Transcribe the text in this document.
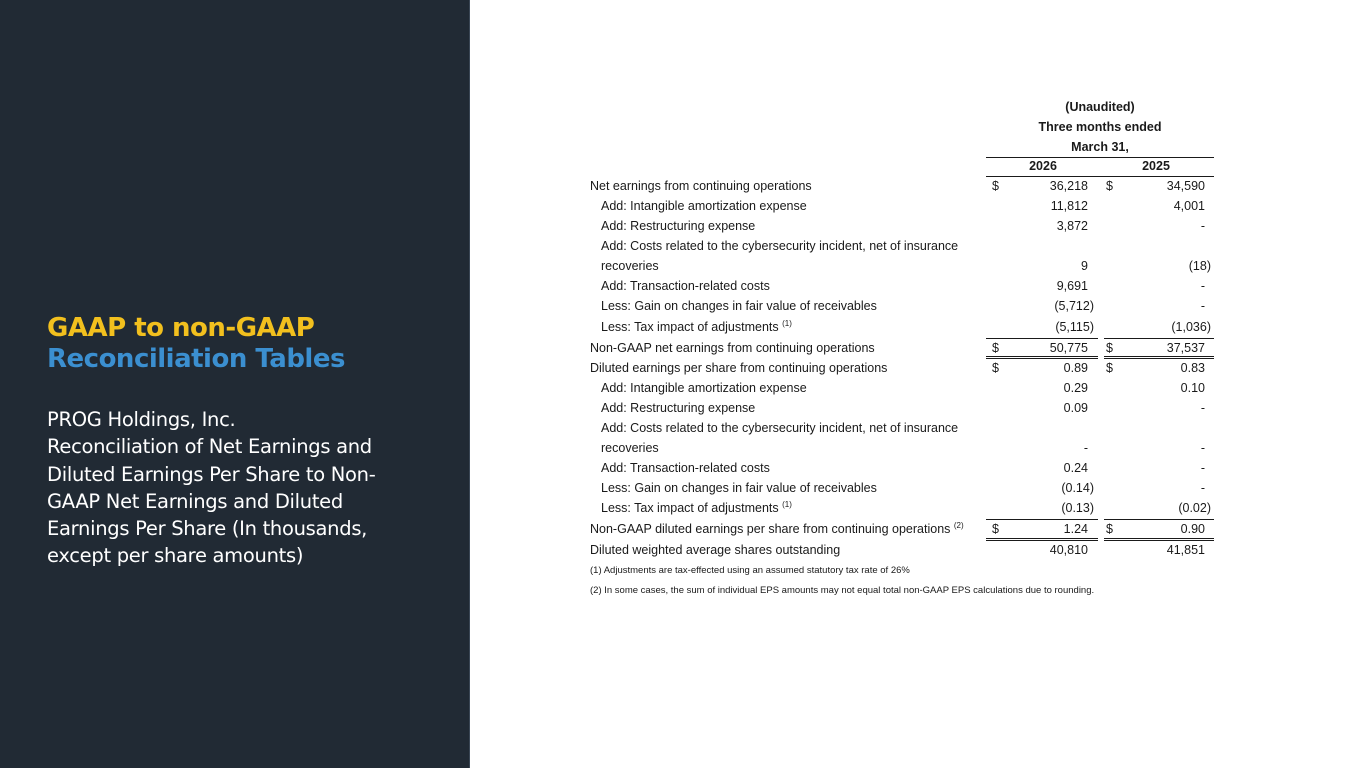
GAAP to non-GAAP
Reconciliation Tables
PROG Holdings, Inc.
Reconciliation of Net Earnings and
Diluted Earnings Per Share to Non-
GAAP Net Earnings and Diluted
Earnings Per Share (In thousands,
except per share amounts)
(Unaudited)
Three months ended
March 31,
2026	2025
Net earnings from continuing operations	$	36,218	$	34,590
Add: Intangible amortization expense	11,812	4,001
Add: Restructuring expense	3,872	-
Add: Costs related to the cybersecurity incident, net of insurance
recoveries	9	(18)
Add: Transaction-related costs	9,691	-
Less: Gain on changes in fair value of receivables	(5,712)	-
Less: Tax impact of adjustments $^{(1)}$	(5,115)	(1,036)
Non-GAAP net earnings from continuing operations	$	50,775	$	37,537
Diluted earnings per share from continuing operations	$	0.89	$	0.83
Add: Intangible amortization expense	0.29	0.10
Add: Restructuring expense	0.09	-
Add: Costs related to the cybersecurity incident, net of insurance
recoveries	-	-
Add: Transaction-related costs	0.24	-
Less: Gain on changes in fair value of receivables	(0.14)	-
Less: Tax impact of adjustments $^{(1)}$	(0.13)	(0.02)
Non-GAAP diluted earnings per share from continuing operations $^{(2)}$ $	1.24	$	0.90
Diluted weighted average shares outstanding	40,810	41,851
(1) Adjustments are tax-effected using an assumed statutory tax rate of 26%
(2) In some cases, the sum of individual EPS amounts may not equal total non-GAAP EPS calculations due to rounding.
